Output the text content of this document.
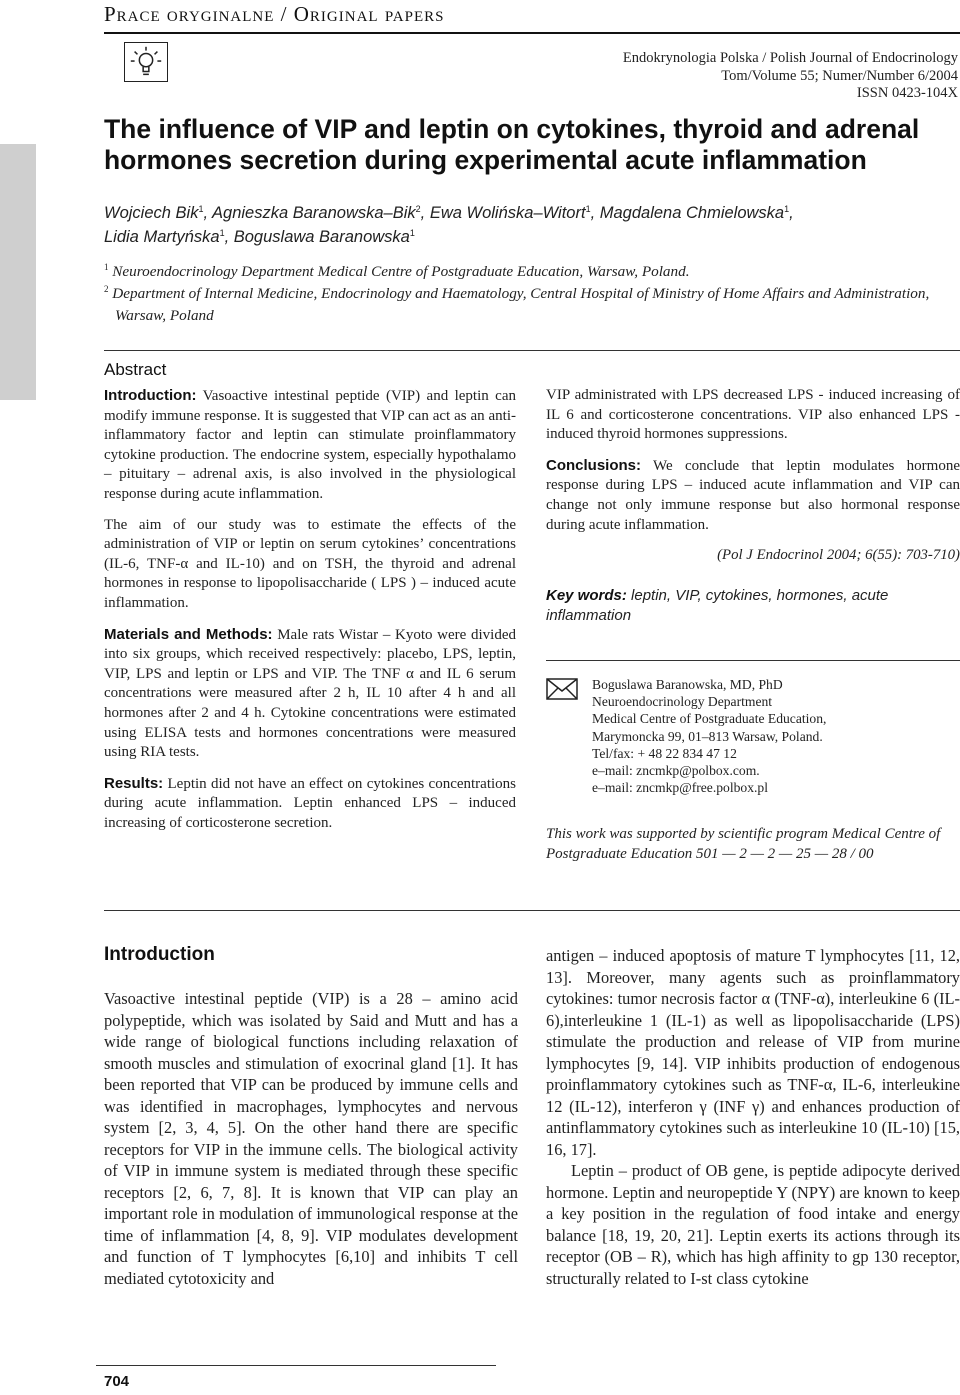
Prace oryginalne / Original papers
Endokrynologia Polska / Polish Journal of Endocrinology
Tom/Volume 55; Numer/Number 6/2004
ISSN 0423-104X
The influence of VIP and leptin on cytokines, thyroid and adrenal
hormones secretion during experimental acute inflammation
Wojciech Bik$^1$, Agnieszka Baranowska–Bik$^2$, Ewa Wolińska–Witort$^1$, Magdalena Chmielowska$^1$,
Lidia Martyńska$^1$, Boguslawa Baranowska$^1$
$^1$ Neuroendocrinology Department Medical Centre of Postgraduate Education, Warsaw, Poland.
$^2$ Department of Internal Medicine, Endocrinology and Haematology, Central Hospital of Ministry of Home Affairs and Administration, Warsaw, Poland
Abstract

Introduction: Vasoactive intestinal peptide (VIP) and leptin can modify immune response. It is suggested that VIP can act as an anti-inflammatory factor and leptin can stimulate proinflammatory cytokine production. The endocrine system, especially hypothalamo – pituitary – adrenal axis, is also involved in the physiological response during acute inflammation.

The aim of our study was to estimate the effects of the administration of VIP or leptin on serum cytokines’ concentrations (IL-6, TNF-α and IL-10) and on TSH, the thyroid and adrenal hormones in response to lipopolisaccharide ( LPS ) – induced acute inflammation.

Materials and Methods: Male rats Wistar – Kyoto were divided into six groups, which received respectively: placebo, LPS, leptin, VIP, LPS and leptin or LPS and VIP. The TNF α and IL 6 serum concentrations were measured after 2 h, IL 10 after 4 h and all hormones after 2 and 4 h. Cytokine concentrations were estimated using ELISA tests and hormones concentrations were measured using RIA tests.

Results: Leptin did not have an effect on cytokines concentrations during acute inflammation. Leptin enhanced LPS – induced increasing of corticosterone secretion.

VIP administrated with LPS decreased LPS - induced increasing of IL 6 and corticosterone concentrations. VIP also enhanced LPS - induced thyroid hormones suppressions.

Conclusions: We conclude that leptin modulates hormone response during LPS – induced acute inflammation and VIP can change not only immune response but also hormonal response during acute inflammation.

(Pol J Endocrinol 2004; 6(55): 703-710)
Key words: leptin, VIP, cytokines, hormones, acute inflammation
Boguslawa Baranowska, MD, PhD
Neuroendocrinology Department
Medical Centre of Postgraduate Education,
Marymoncka 99, 01–813 Warsaw, Poland.
Tel/fax: + 48 22 834 47 12
e–mail: zncmkp@polbox.com.
e–mail: zncmkp@free.polbox.pl
This work was supported by scientific program Medical Centre of Postgraduate Education 501 — 2 — 2 — 25 — 28 / 00
Introduction

Vasoactive intestinal peptide (VIP) is a 28 – amino acid polypeptide, which was isolated by Said and Mutt and has a wide range of biological functions including relaxation of smooth muscles and stimulation of exocrinal gland [1]. It has been reported that VIP can be produced by immune cells and was identified in macrophages, lymphocytes and nervous system [2, 3, 4, 5]. On the other hand there are specific receptors for VIP in the immune cells. The biological activity of VIP in immune system is mediated through these specific receptors [2, 6, 7, 8]. It is known that VIP can play an important role in modulation of immunological response at the time of inflammation [4, 8, 9]. VIP modulates development and function of T lymphocytes [6,10] and inhibits T cell mediated cytotoxicity and

antigen – induced apoptosis of mature T lymphocytes [11, 12, 13]. Moreover, many agents such as proinflammatory cytokines: tumor necrosis factor α (TNF-α), interleukine 6 (IL-6),interleukine 1 (IL-1) as well as lipopolisaccharide (LPS) stimulate the production and release of VIP from murine lymphocytes [9, 14]. VIP inhibits production of endogenous proinflammatory cytokines such as TNF-α, IL-6, interleukine 12 (IL-12), interferon γ (INF γ) and enhances production of antinflammatory cytokines such as interleukine 10 (IL-10) [15, 16, 17].

Leptin – product of OB gene, is peptide adipocyte derived hormone. Leptin and neuropeptide Y (NPY) are known to keep a key position in the regulation of food intake and energy balance [18, 19, 20, 21]. Leptin exerts its actions through its receptor (OB – R), which has high affinity to gp 130 receptor, structurally related to I-st class cytokine

704
